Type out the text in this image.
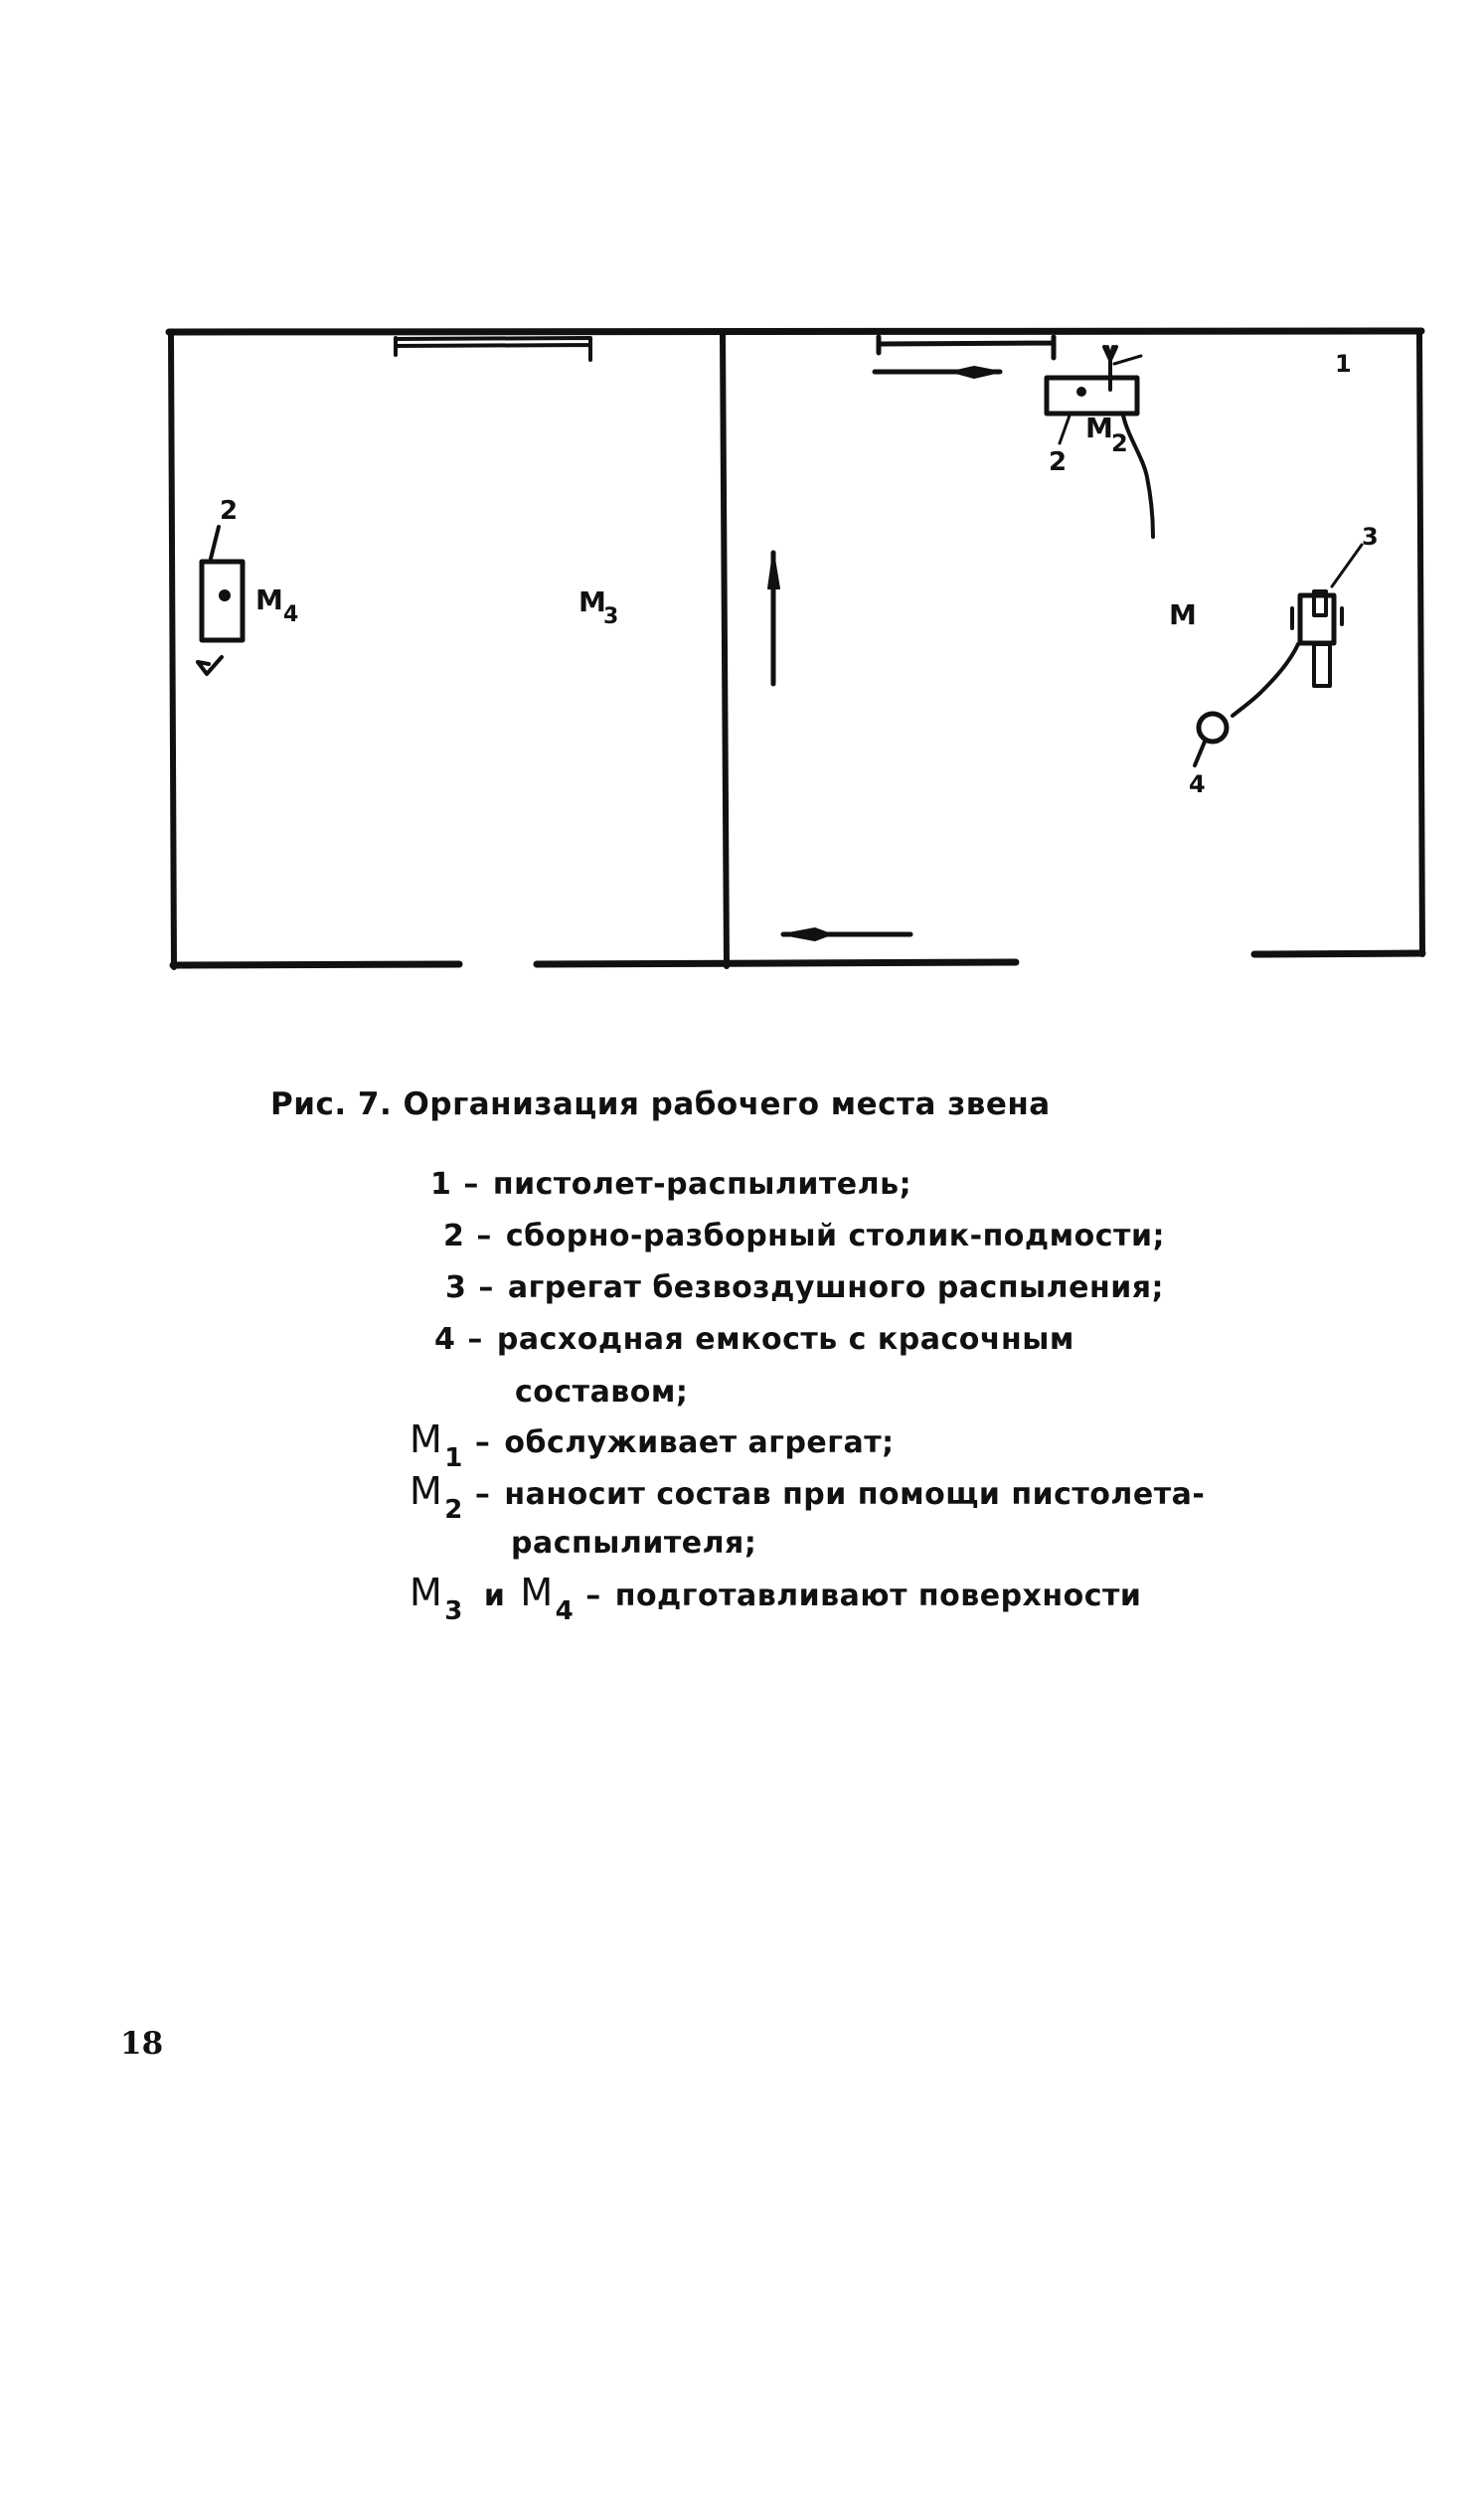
1
2
3
4
М
М
2
2
М 4	М
3
Рис. 7. Организация рабочего места звена
1 – пистолет-распылитель;
2 – сборно-разборный столик-подмости;
3 – агрегат безвоздушного распыления;
4 – расходная емкость с красочным
составом;
$М_1$ – обслуживает агрегат;
$М_2$ – наносит состав при помощи пистолета-
распылителя;
$М_3$ и $М_4$ – подготавливают поверхности
18
